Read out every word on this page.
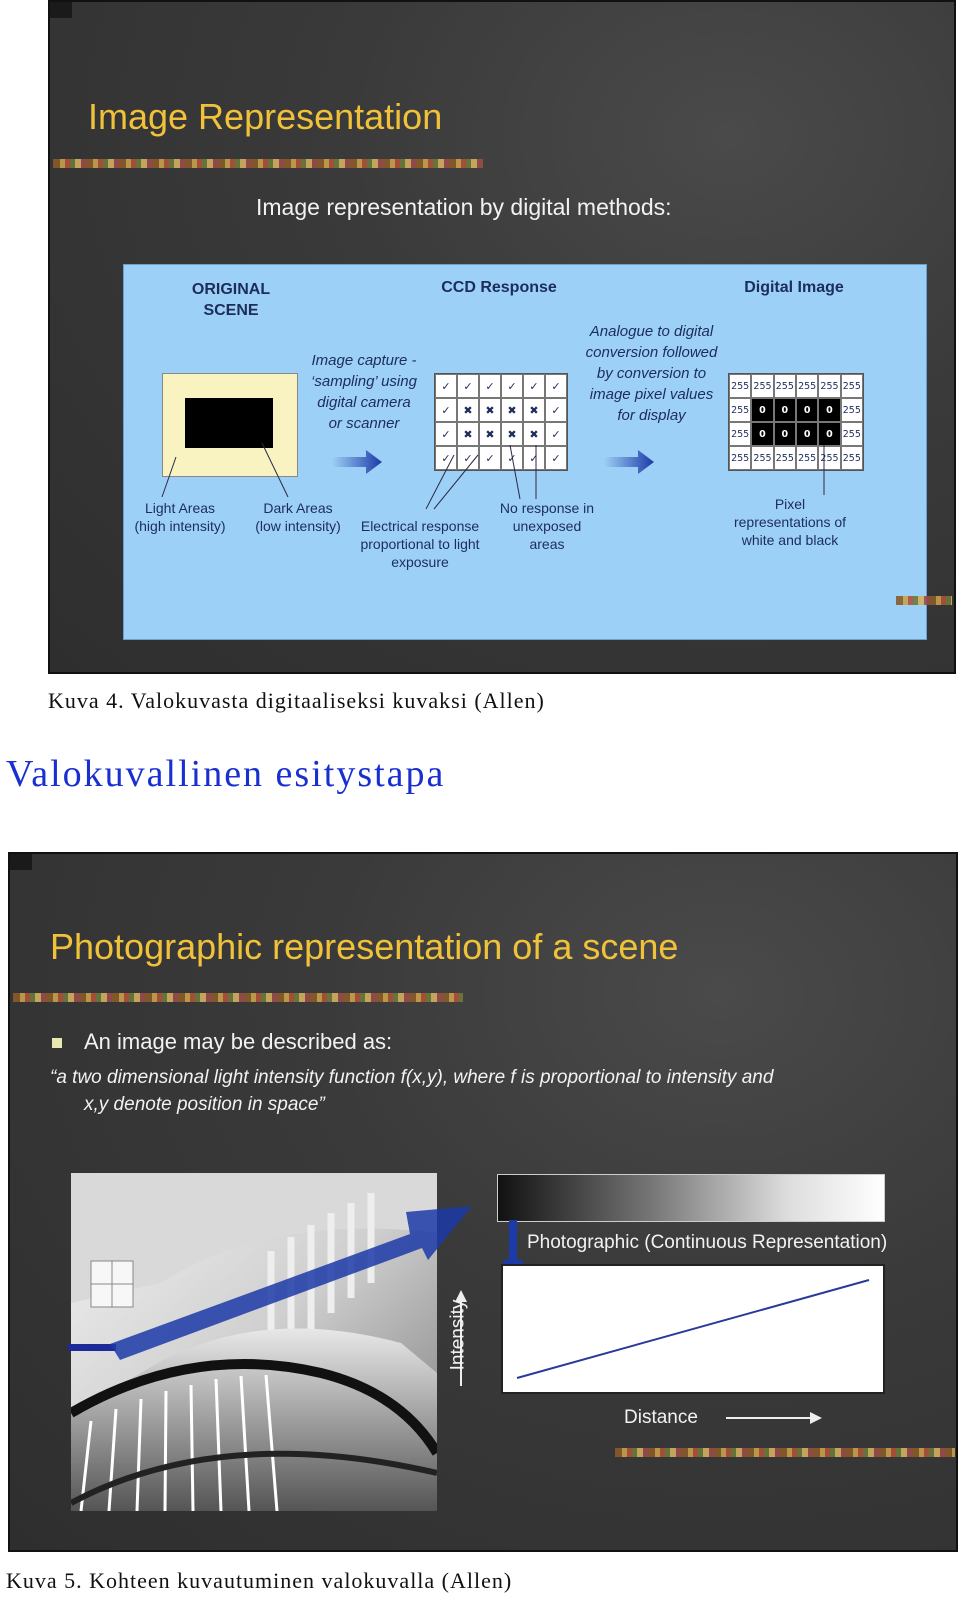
Image Representation
Image representation by digital methods:
ORIGINAL
SCENE
CCD Response	Digital Image
Image capture -
‘sampling’ using
digital camera
or scanner
✓	✓	✓	✓	✓	✓
✓	✖	✖	✖	✖	✓
✓	✖	✖	✖	✖	✓
✓	✓	✓	✓	✓	✓
Analogue to digital
conversion followed
by conversion to
image pixel values
for display
255 255 255 255 255 255
255	0	0	0	0	255
255	0	0	0	0	255
255 255 255 255 255 255
Light Areas
(high intensity)
Dark Areas
(low intensity)	Electrical response
proportional to light
exposure
No response in
unexposed
areas
Pixel
representations of
white and black
Kuva 4. Valokuvasta digitaaliseksi kuvaksi (Allen)
Valokuvallinen esitystapa
Photographic representation of a scene
An image may be described as:
“a two dimensional light intensity function f(x,y), where f is proportional to intensity and
x,y denote position in space”
Photographic (Continuous Representation)
Intensity
Distance
Kuva 5. Kohteen kuvautuminen valokuvalla (Allen)
